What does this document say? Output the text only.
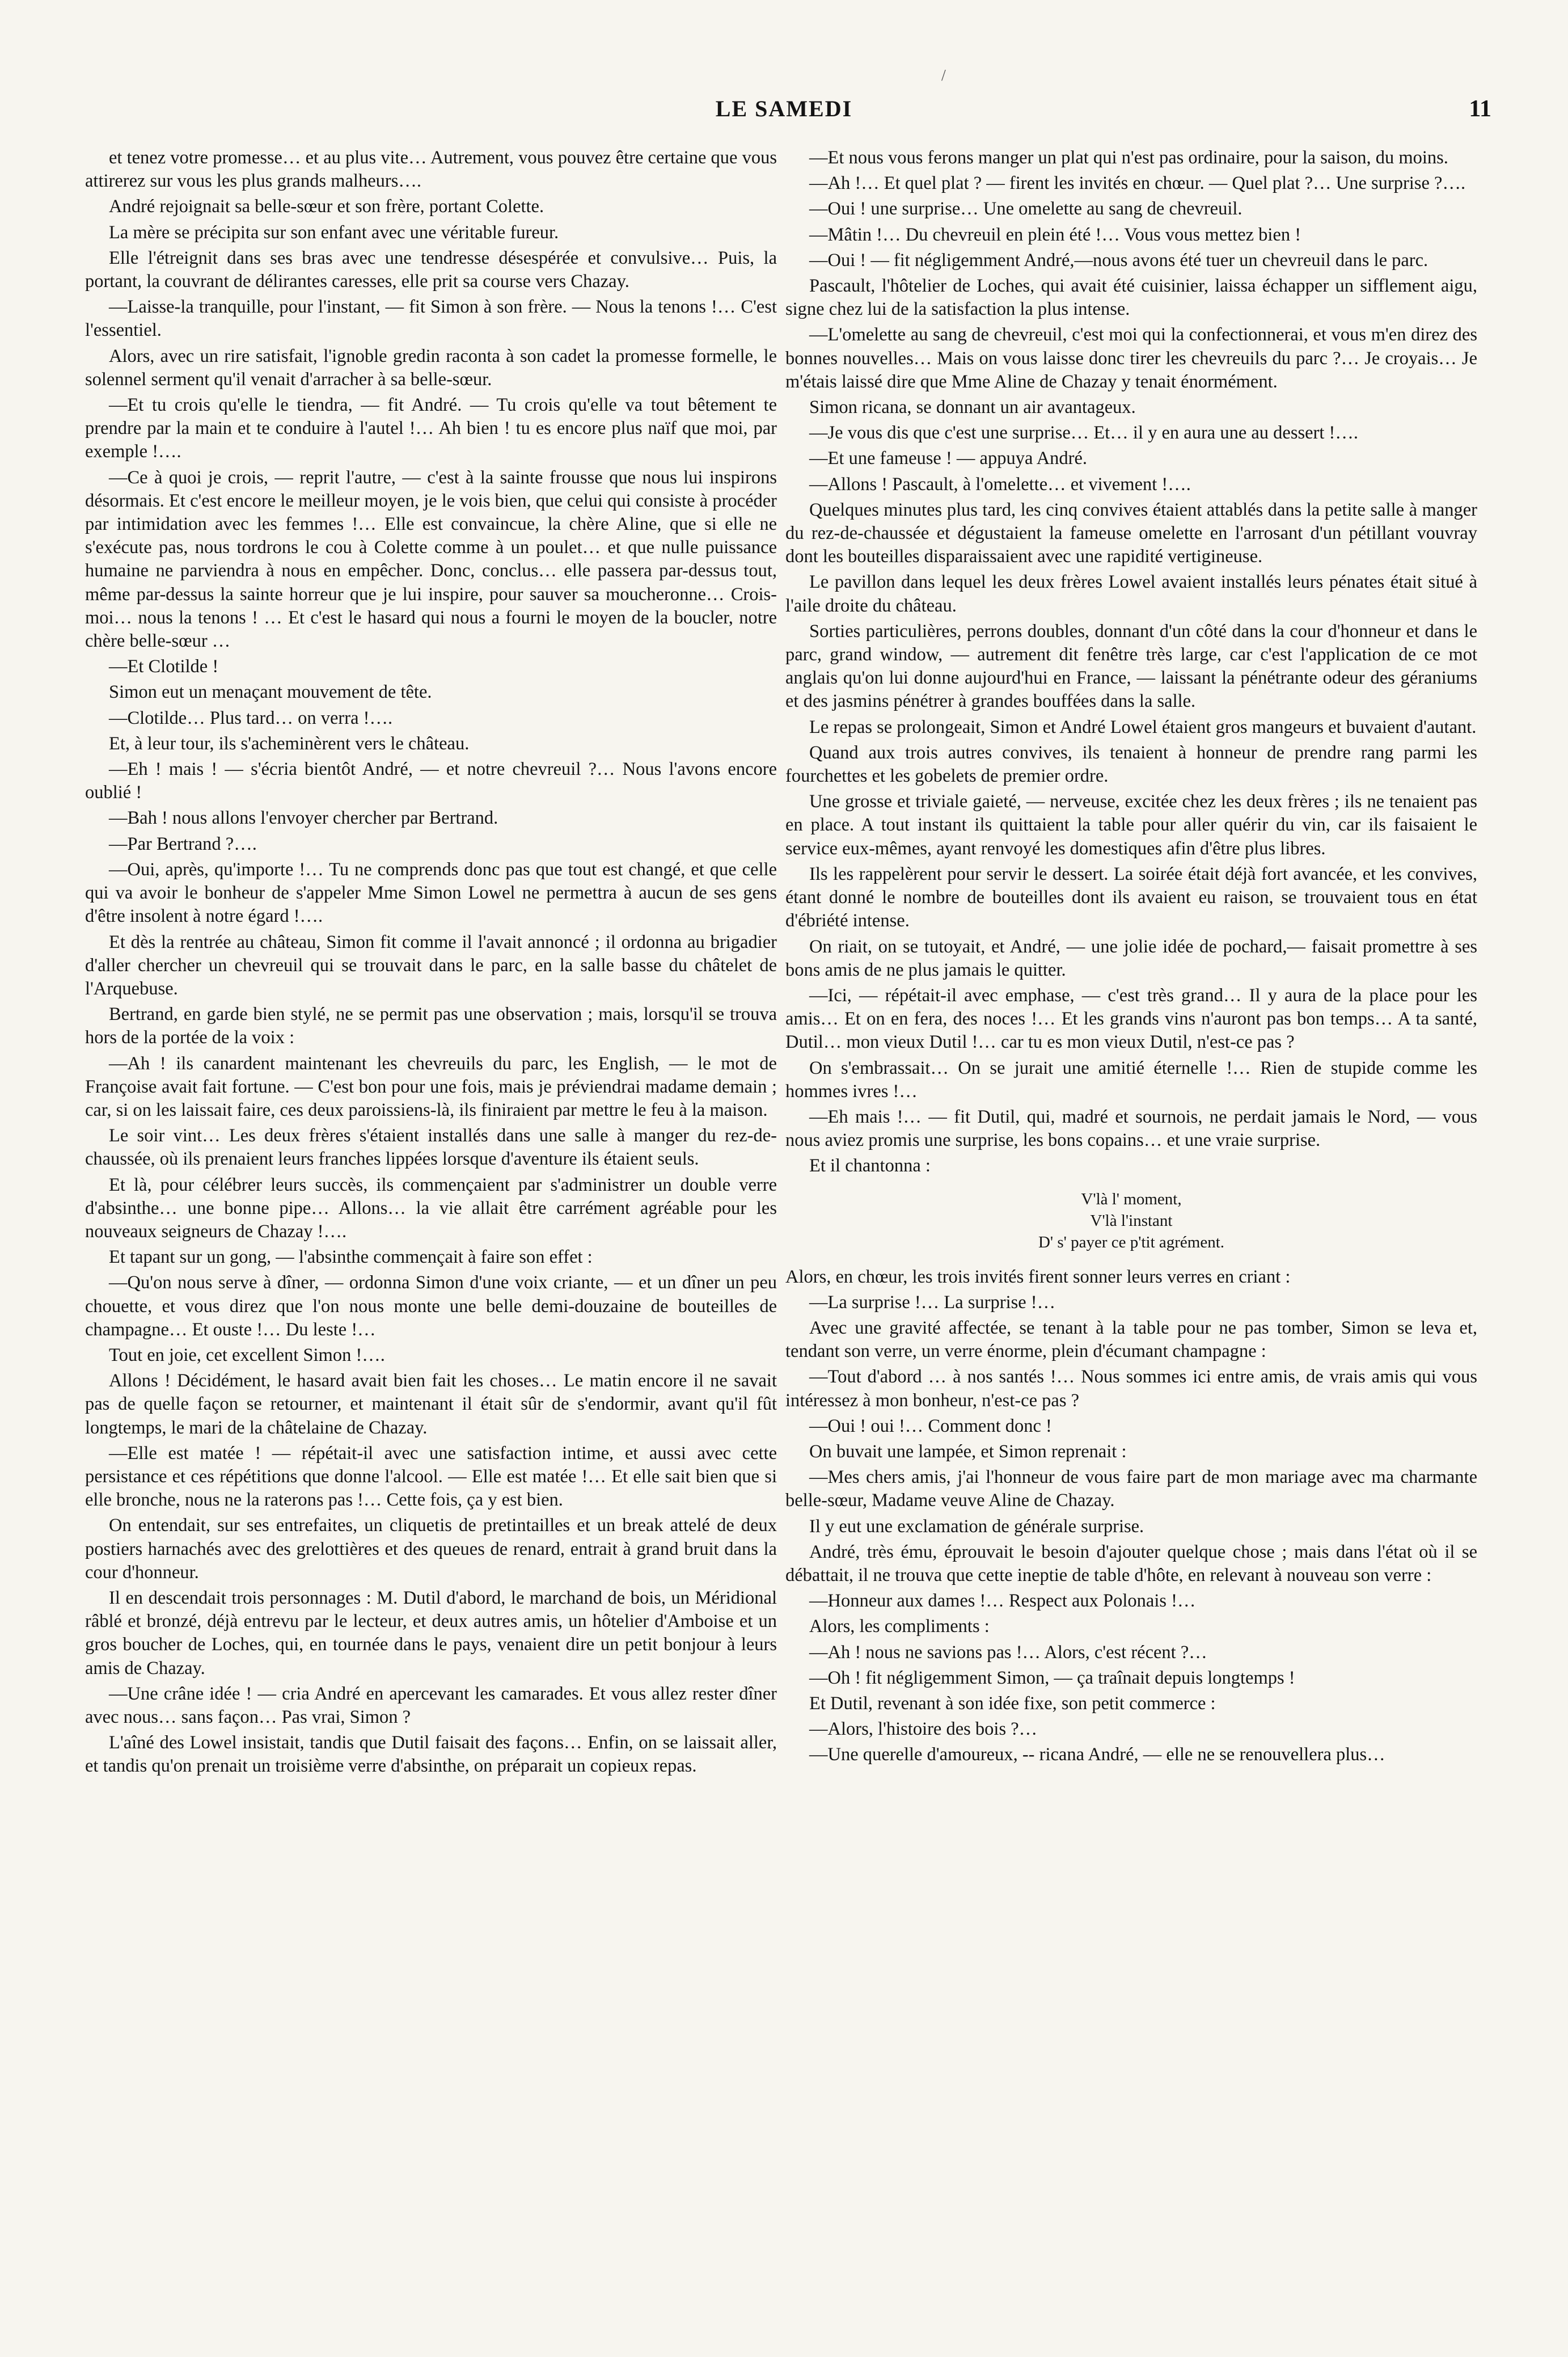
/
LE SAMEDI	11

et tenez votre promesse… et au plus vite… Autrement, vous pouvez être certaine que vous attirerez sur vous les plus grands malheurs….

André rejoignait sa belle-sœur et son frère, portant Colette.

La mère se précipita sur son enfant avec une véritable fureur.

Elle l'étreignit dans ses bras avec une tendresse désespérée et convulsive… Puis, la portant, la couvrant de délirantes caresses, elle prit sa course vers Chazay.

—Laisse-la tranquille, pour l'instant, — fit Simon à son frère. — Nous la tenons !… C'est l'essentiel.

Alors, avec un rire satisfait, l'ignoble gredin raconta à son cadet la promesse formelle, le solennel serment qu'il venait d'arracher à sa belle-sœur.

—Et tu crois qu'elle le tiendra, — fit André. — Tu crois qu'elle va tout bêtement te prendre par la main et te conduire à l'autel !… Ah bien ! tu es encore plus naïf que moi, par exemple !….

—Ce à quoi je crois, — reprit l'autre, — c'est à la sainte frousse que nous lui inspirons désormais. Et c'est encore le meilleur moyen, je le vois bien, que celui qui consiste à procéder par intimidation avec les femmes !… Elle est convaincue, la chère Aline, que si elle ne s'exécute pas, nous tordrons le cou à Colette comme à un poulet… et que nulle puissance humaine ne parviendra à nous en empêcher. Donc, conclus… elle passera par-dessus tout, même par-dessus la sainte horreur que je lui inspire, pour sauver sa moucheronne… Crois-moi… nous la tenons ! … Et c'est le hasard qui nous a fourni le moyen de la boucler, notre chère belle-sœur …

—Et Clotilde !

Simon eut un menaçant mouvement de tête.

—Clotilde… Plus tard… on verra !….

Et, à leur tour, ils s'acheminèrent vers le château.

—Eh ! mais ! — s'écria bientôt André, — et notre chevreuil ?… Nous l'avons encore oublié !

—Bah ! nous allons l'envoyer chercher par Bertrand.

—Par Bertrand ?….

—Oui, après, qu'importe !… Tu ne comprends donc pas que tout est changé, et que celle qui va avoir le bonheur de s'appeler Mme Simon Lowel ne permettra à aucun de ses gens d'être insolent à notre égard !….

Et dès la rentrée au château, Simon fit comme il l'avait annoncé ; il ordonna au brigadier d'aller chercher un chevreuil qui se trouvait dans le parc, en la salle basse du châtelet de l'Arquebuse.

Bertrand, en garde bien stylé, ne se permit pas une observation ; mais, lorsqu'il se trouva hors de la portée de la voix :

—Ah ! ils canardent maintenant les chevreuils du parc, les English, — le mot de Françoise avait fait fortune. — C'est bon pour une fois, mais je préviendrai madame demain ; car, si on les laissait faire, ces deux paroissiens-là, ils finiraient par mettre le feu à la maison.

Le soir vint… Les deux frères s'étaient installés dans une salle à manger du rez-de-chaussée, où ils prenaient leurs franches lippées lorsque d'aventure ils étaient seuls.

Et là, pour célébrer leurs succès, ils commençaient par s'administrer un double verre d'absinthe… une bonne pipe… Allons… la vie allait être carrément agréable pour les nouveaux seigneurs de Chazay !….

Et tapant sur un gong, — l'absinthe commençait à faire son effet :

—Qu'on nous serve à dîner, — ordonna Simon d'une voix criante, — et un dîner un peu chouette, et vous direz que l'on nous monte une belle demi-douzaine de bouteilles de champagne… Et ouste !… Du leste !…

Tout en joie, cet excellent Simon !….

Allons ! Décidément, le hasard avait bien fait les choses… Le matin encore il ne savait pas de quelle façon se retourner, et maintenant il était sûr de s'endormir, avant qu'il fût longtemps, le mari de la châtelaine de Chazay.

—Elle est matée ! — répétait-il avec une satisfaction intime, et aussi avec cette persistance et ces répétitions que donne l'alcool. — Elle est matée !… Et elle sait bien que si elle bronche, nous ne la raterons pas !… Cette fois, ça y est bien.

On entendait, sur ses entrefaites, un cliquetis de pretintailles et un break attelé de deux postiers harnachés avec des grelottières et des queues de renard, entrait à grand bruit dans la cour d'honneur.

Il en descendait trois personnages : M. Dutil d'abord, le marchand de bois, un Méridional râblé et bronzé, déjà entrevu par le lecteur, et deux autres amis, un hôtelier d'Amboise et un gros boucher de Loches, qui, en tournée dans le pays, venaient dire un petit bonjour à leurs amis de Chazay.

—Une crâne idée ! — cria André en apercevant les camarades. Et vous allez rester dîner avec nous… sans façon… Pas vrai, Simon ?

L'aîné des Lowel insistait, tandis que Dutil faisait des façons… Enfin, on se laissait aller, et tandis qu'on prenait un troisième verre d'absinthe, on préparait un copieux repas.

—Et nous vous ferons manger un plat qui n'est pas ordinaire, pour la saison, du moins.

—Ah !… Et quel plat ? — firent les invités en chœur. — Quel plat ?… Une surprise ?….

—Oui ! une surprise… Une omelette au sang de chevreuil.

—Mâtin !… Du chevreuil en plein été !… Vous vous mettez bien !

—Oui ! — fit négligemment André,—nous avons été tuer un chevreuil dans le parc.

Pascault, l'hôtelier de Loches, qui avait été cuisinier, laissa échapper un sifflement aigu, signe chez lui de la satisfaction la plus intense.

—L'omelette au sang de chevreuil, c'est moi qui la confectionnerai, et vous m'en direz des bonnes nouvelles… Mais on vous laisse donc tirer les chevreuils du parc ?… Je croyais… Je m'étais laissé dire que Mme Aline de Chazay y tenait énormément.

Simon ricana, se donnant un air avantageux.

—Je vous dis que c'est une surprise… Et… il y en aura une au dessert !….

—Et une fameuse ! — appuya André.

—Allons ! Pascault, à l'omelette… et vivement !….

Quelques minutes plus tard, les cinq convives étaient attablés dans la petite salle à manger du rez-de-chaussée et dégustaient la fameuse omelette en l'arrosant d'un pétillant vouvray dont les bouteilles disparaissaient avec une rapidité vertigineuse.

Le pavillon dans lequel les deux frères Lowel avaient installés leurs pénates était situé à l'aile droite du château.

Sorties particulières, perrons doubles, donnant d'un côté dans la cour d'honneur et dans le parc, grand window, — autrement dit fenêtre très large, car c'est l'application de ce mot anglais qu'on lui donne aujourd'hui en France, — laissant la pénétrante odeur des géraniums et des jasmins pénétrer à grandes bouffées dans la salle.

Le repas se prolongeait, Simon et André Lowel étaient gros mangeurs et buvaient d'autant.

Quand aux trois autres convives, ils tenaient à honneur de prendre rang parmi les fourchettes et les gobelets de premier ordre.

Une grosse et triviale gaieté, — nerveuse, excitée chez les deux frères ; ils ne tenaient pas en place. A tout instant ils quittaient la table pour aller quérir du vin, car ils faisaient le service eux-mêmes, ayant renvoyé les domestiques afin d'être plus libres.

Ils les rappelèrent pour servir le dessert. La soirée était déjà fort avancée, et les convives, étant donné le nombre de bouteilles dont ils avaient eu raison, se trouvaient tous en état d'ébriété intense.

On riait, on se tutoyait, et André, — une jolie idée de pochard,— faisait promettre à ses bons amis de ne plus jamais le quitter.

—Ici, — répétait-il avec emphase, — c'est très grand… Il y aura de la place pour les amis… Et on en fera, des noces !… Et les grands vins n'auront pas bon temps… A ta santé, Dutil… mon vieux Dutil !… car tu es mon vieux Dutil, n'est-ce pas ?

On s'embrassait… On se jurait une amitié éternelle !… Rien de stupide comme les hommes ivres !…

—Eh mais !… — fit Dutil, qui, madré et sournois, ne perdait jamais le Nord, — vous nous aviez promis une surprise, les bons copains… et une vraie surprise.

Et il chantonna :

V'là l' moment,
V'là l'instant
D' s' payer ce p'tit agrément.

Alors, en chœur, les trois invités firent sonner leurs verres en criant :

—La surprise !… La surprise !…

Avec une gravité affectée, se tenant à la table pour ne pas tomber, Simon se leva et, tendant son verre, un verre énorme, plein d'écumant champagne :

—Tout d'abord … à nos santés !… Nous sommes ici entre amis, de vrais amis qui vous intéressez à mon bonheur, n'est-ce pas ?

—Oui ! oui !… Comment donc !

On buvait une lampée, et Simon reprenait :

—Mes chers amis, j'ai l'honneur de vous faire part de mon mariage avec ma charmante belle-sœur, Madame veuve Aline de Chazay.

Il y eut une exclamation de générale surprise.

André, très ému, éprouvait le besoin d'ajouter quelque chose ; mais dans l'état où il se débattait, il ne trouva que cette ineptie de table d'hôte, en relevant à nouveau son verre :

—Honneur aux dames !… Respect aux Polonais !…

Alors, les compliments :

—Ah ! nous ne savions pas !… Alors, c'est récent ?…

—Oh ! fit négligemment Simon, — ça traînait depuis longtemps !

Et Dutil, revenant à son idée fixe, son petit commerce :

—Alors, l'histoire des bois ?…

—Une querelle d'amoureux, -- ricana André, — elle ne se renouvellera plus…
